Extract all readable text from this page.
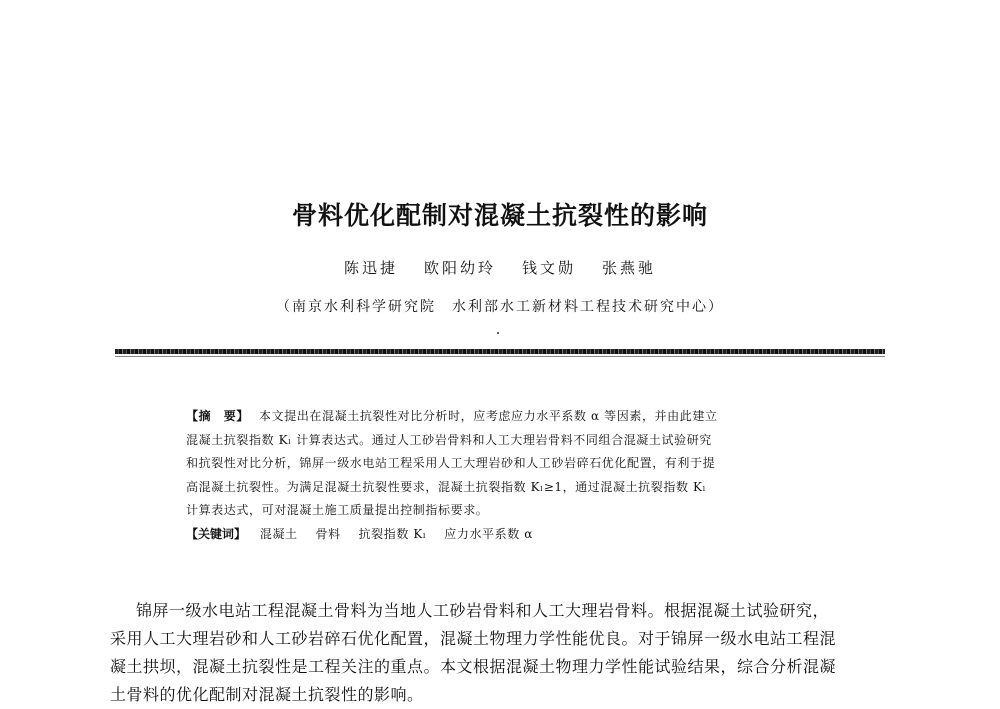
骨料优化配制对混凝土抗裂性的影响
陈迅捷 欧阳幼玲 钱文勋 张燕驰
（南京水利科学研究院　水利部水工新材料工程技术研究中心）
【摘　要】 本文提出在混凝土抗裂性对比分析时，应考虑应力水平系数 α 等因素，并由此建立
混凝土抗裂指数 Kₗ 计算表达式。通过人工砂岩骨料和人工大理岩骨料不同组合混凝土试验研究
和抗裂性对比分析，锦屏一级水电站工程采用人工大理岩砂和人工砂岩碎石优化配置，有利于提
高混凝土抗裂性。为满足混凝土抗裂性要求，混凝土抗裂指数 Kₗ≥1，通过混凝土抗裂指数 Kₗ
计算表达式，可对混凝土施工质量提出控制指标要求。
【关键词】 混凝土 骨料 抗裂指数 Kₗ 应力水平系数 α
锦屏一级水电站工程混凝土骨料为当地人工砂岩骨料和人工大理岩骨料。根据混凝土试验研究，
采用人工大理岩砂和人工砂岩碎石优化配置，混凝土物理力学性能优良。对于锦屏一级水电站工程混
凝土拱坝，混凝土抗裂性是工程关注的重点。本文根据混凝土物理力学性能试验结果，综合分析混凝
土骨料的优化配制对混凝土抗裂性的影响。
